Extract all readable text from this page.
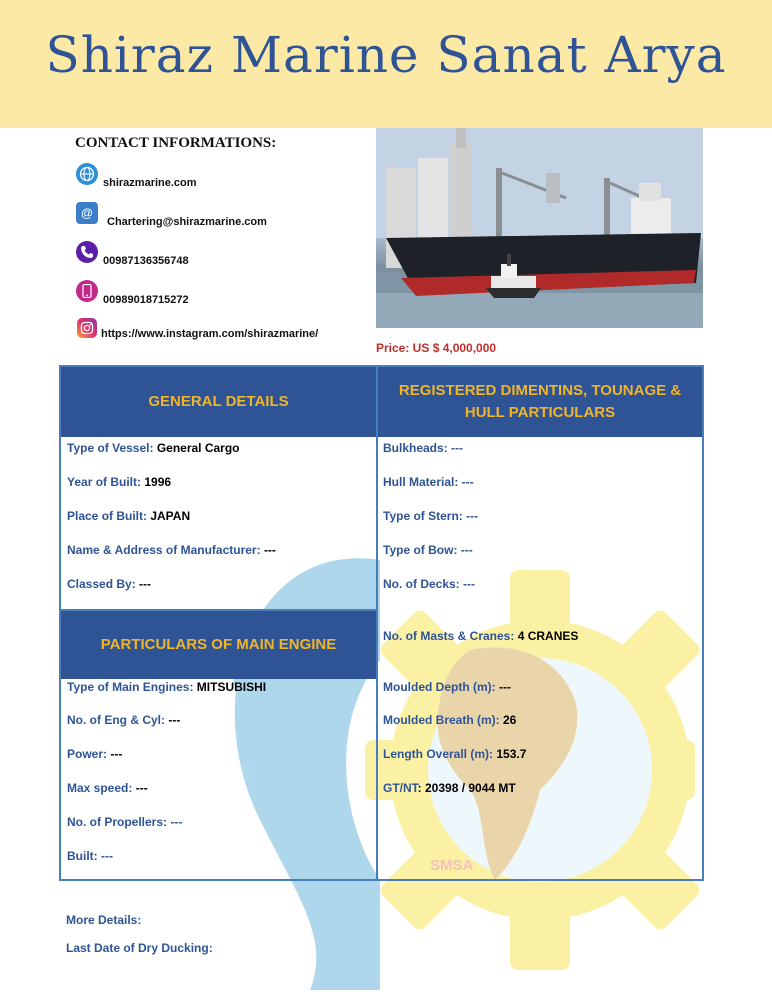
Shiraz Marine Sanat Arya
SMSA
CONTACT INFORMATIONS:
shirazmarine.com
@
Chartering@shirazmarine.com
00987136356748
00989018715272
https://www.instagram.com/shirazmarine/
Price: US $ 4,000,000
GENERAL DETAILS
REGISTERED DIMENTINS, TOUNAGE &
HULL PARTICULARS
Type of Vessel: General Cargo
Year of Built: 1996
Place of Built: JAPAN
Name & Address of Manufacturer: ---
Classed By: ---
PARTICULARS OF MAIN ENGINE
Type of Main Engines: MITSUBISHI
No. of Eng & Cyl: ---
Power: ---
Max speed: ---
No. of Propellers: ---
Built: ---
Bulkheads: ---
Hull Material: ---
Type of Stern: ---
Type of Bow: ---
No. of Decks: ---
No. of Masts & Cranes: 4 CRANES
Moulded Depth (m): ---
Moulded Breath (m): 26
Length Overall (m): 153.7
GT/NT: 20398 / 9044 MT
More Details:
Last Date of Dry Ducking:
